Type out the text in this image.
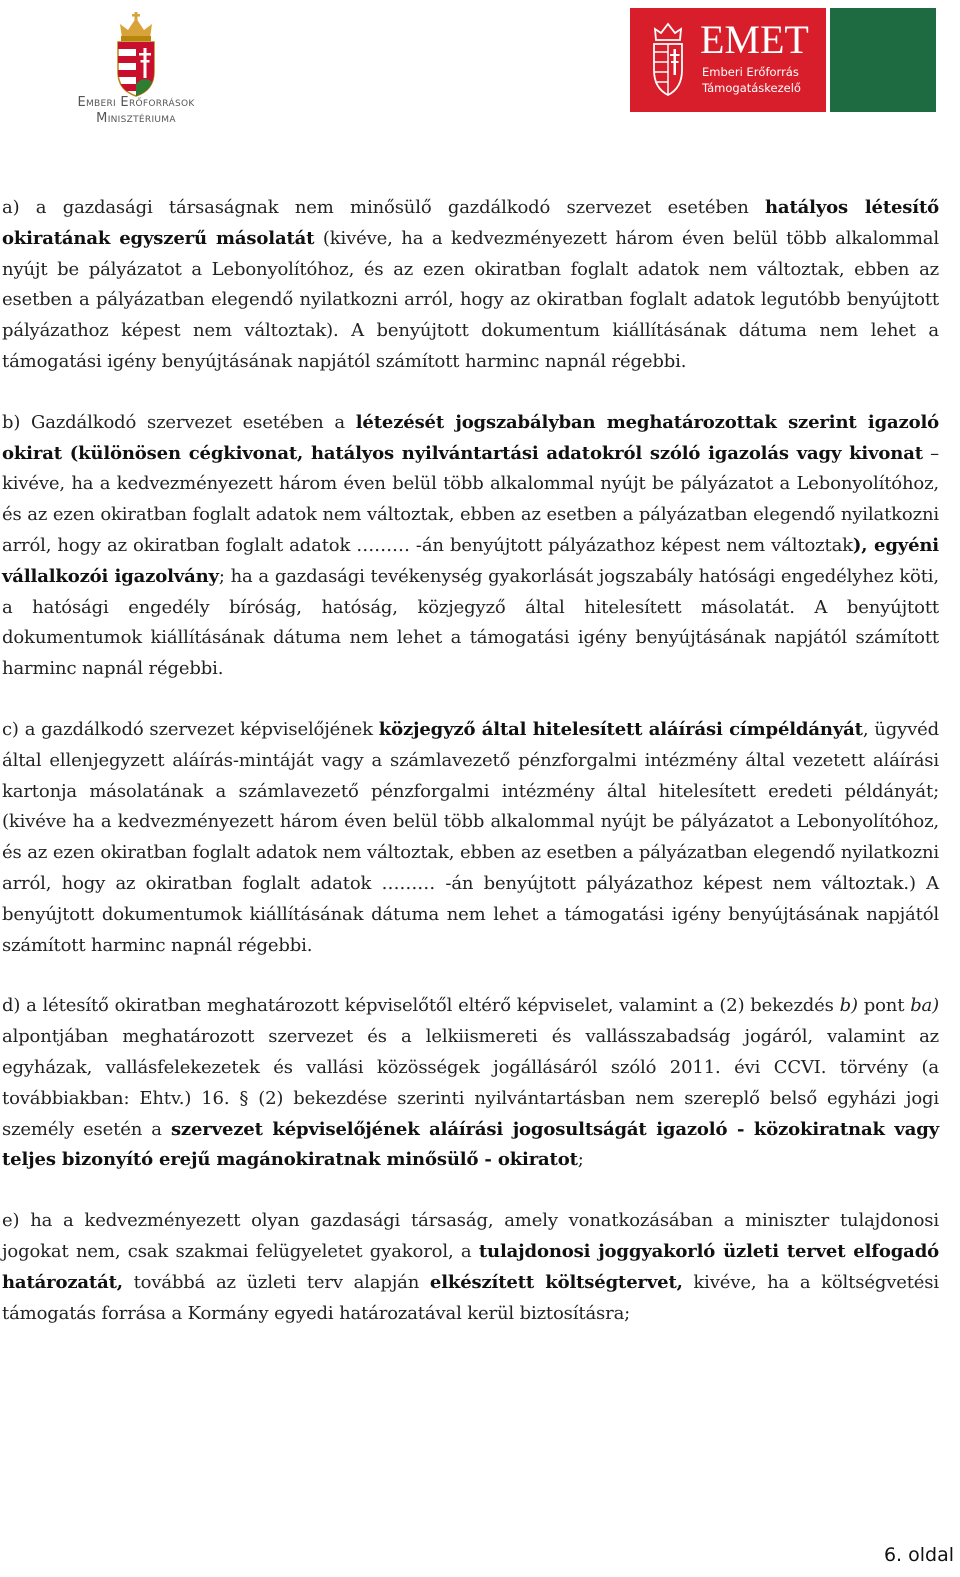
Emberi Erőforrások
Minisztériuma
EMET
Emberi Erőforrás
Támogatáskezelő

a) a gazdasági társaságnak nem minősülő gazdálkodó szervezet esetében hatályos létesítő okiratának egyszerű másolatát (kivéve, ha a kedvezményezett három éven belül több alkalommal nyújt be pályázatot a Lebonyolítóhoz, és az ezen okiratban foglalt adatok nem változtak, ebben az esetben a pályázatban elegendő nyilatkozni arról, hogy az okiratban foglalt adatok legutóbb benyújtott pályázathoz képest nem változtak). A benyújtott dokumentum kiállításának dátuma nem lehet a támogatási igény benyújtásának napjától számított harminc napnál régebbi.

b) Gazdálkodó szervezet esetében a létezését jogszabályban meghatározottak szerint igazoló okirat (különösen cégkivonat, hatályos nyilvántartási adatokról szóló igazolás vagy kivonat – kivéve, ha a kedvezményezett három éven belül több alkalommal nyújt be pályázatot a Lebonyolítóhoz, és az ezen okiratban foglalt adatok nem változtak, ebben az esetben a pályázatban elegendő nyilatkozni arról, hogy az okiratban foglalt adatok ……… -án benyújtott pályázathoz képest nem változtak), egyéni vállalkozói igazolvány; ha a gazdasági tevékenység gyakorlását jogszabály hatósági engedélyhez köti, a hatósági engedély bíróság, hatóság, közjegyző által hitelesített másolatát. A benyújtott dokumentumok kiállításának dátuma nem lehet a támogatási igény benyújtásának napjától számított harminc napnál régebbi.

c) a gazdálkodó szervezet képviselőjének közjegyző által hitelesített aláírási címpéldányát, ügyvéd által ellenjegyzett aláírás-mintáját vagy a számlavezető pénzforgalmi intézmény által vezetett aláírási kartonja másolatának a számlavezető pénzforgalmi intézmény által hitelesített eredeti példányát; (kivéve ha a kedvezményezett három éven belül több alkalommal nyújt be pályázatot a Lebonyolítóhoz, és az ezen okiratban foglalt adatok nem változtak, ebben az esetben a pályázatban elegendő nyilatkozni arról, hogy az okiratban foglalt adatok ……… -án benyújtott pályázathoz képest nem változtak.) A benyújtott dokumentumok kiállításának dátuma nem lehet a támogatási igény benyújtásának napjától számított harminc napnál régebbi.

d) a létesítő okiratban meghatározott képviselőtől eltérő képviselet, valamint a (2) bekezdés b) pont ba) alpontjában meghatározott szervezet és a lelkiismereti és vallásszabadság jogáról, valamint az egyházak, vallásfelekezetek és vallási közösségek jogállásáról szóló 2011. évi CCVI. törvény (a továbbiakban: Ehtv.) 16. § (2) bekezdése szerinti nyilvántartásban nem szereplő belső egyházi jogi személy esetén a szervezet képviselőjének aláírási jogosultságát igazoló - közokiratnak vagy teljes bizonyító erejű magánokiratnak minősülő - okiratot;

e) ha a kedvezményezett olyan gazdasági társaság, amely vonatkozásában a miniszter tulajdonosi jogokat nem, csak szakmai felügyeletet gyakorol, a tulajdonosi joggyakorló üzleti tervet elfogadó határozatát, továbbá az üzleti terv alapján elkészített költségtervet, kivéve, ha a költségvetési támogatás forrása a Kormány egyedi határozatával kerül biztosításra;

6. oldal
